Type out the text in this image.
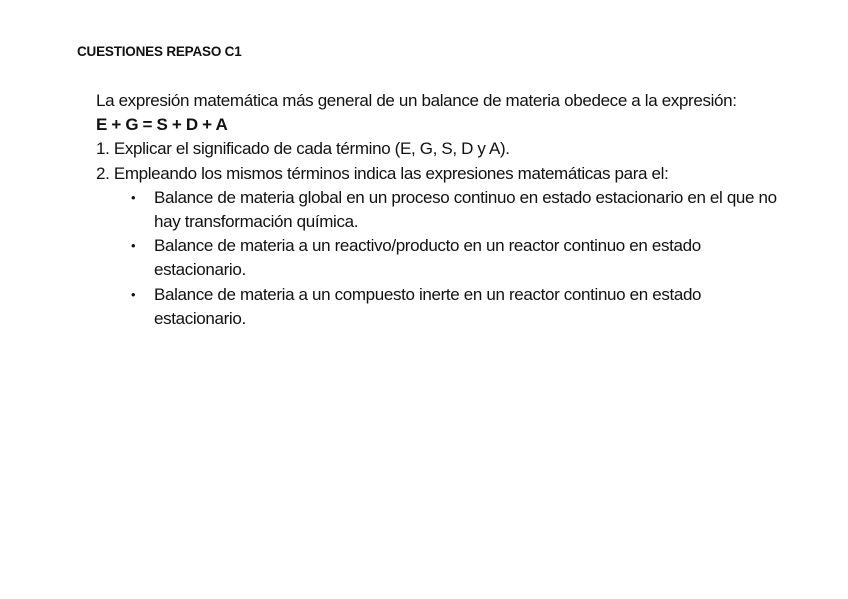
CUESTIONES REPASO C1

La expresión matemática más general de un balance de materia obedece a la expresión:

E + G = S + D + A

1. Explicar el significado de cada término (E, G, S, D y A).

2. Empleando los mismos términos indica las expresiones matemáticas para el:

• Balance de materia global en un proceso continuo en estado estacionario en el que no hay transformación química.
• Balance de materia a un reactivo/producto en un reactor continuo en estado estacionario.
• Balance de materia a un compuesto inerte en un reactor continuo en estado estacionario.
